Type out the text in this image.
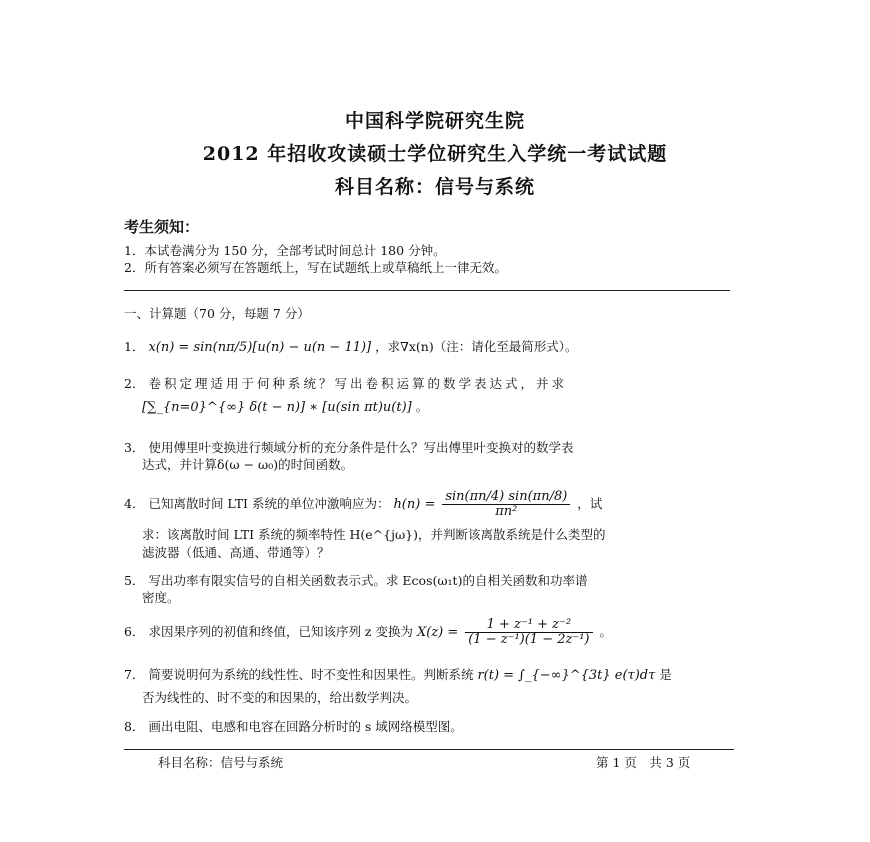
中国科学院研究生院
2012 年招收攻读硕士学位研究生入学统一考试试题
科目名称：信号与系统
考生须知：
1．本试卷满分为 150 分，全部考试时间总计 180 分钟。
2．所有答案必须写在答题纸上，写在试题纸上或草稿纸上一律无效。
一、计算题（70 分，每题 7 分）
1． x(n) = sin(nπ/5)[u(n) − u(n − 11)] ，求∇x(n)（注：请化至最简形式）。
2． 卷积定理适用于何种系统？写出卷积运算的数学表达式，并求
[∑_{n=0}^{∞} δ(t − n)] ∗ [u(sin πt)u(t)] 。
3． 使用傅里叶变换进行频域分析的充分条件是什么？写出傅里叶变换对的数学表
达式，并计算δ(ω − ω₀)的时间函数。
4． 已知离散时间 LTI 系统的单位冲激响应为： $h(n) = \frac{\sin(\pi n/4) \sin(\pi n/8)}{\text{πn²}}$ ，试
求：该离散时间 LTI 系统的频率特性 H(e^{jω})，并判断该离散系统是什么类型的
滤波器（低通、高通、带通等）？
5． 写出功率有限实信号的自相关函数表示式。求 Ecos(ω₁t)的自相关函数和功率谱
密度。
6． 求因果序列的初值和终值，已知该序列 z 变换为 $X(z) = \frac{\text{1 + z⁻¹ + z⁻²}}{\text{(1 − z⁻¹)(1 − 2z⁻¹)}}$ 。
7． 简要说明何为系统的线性性、时不变性和因果性。判断系统 r(t) = ∫_{−∞}^{3t} e(τ)dτ 是
否为线性的、时不变的和因果的，给出数学判决。
8． 画出电阻、电感和电容在回路分析时的 s 域网络模型图。
科目名称：信号与系统	第 1 页　共 3 页
